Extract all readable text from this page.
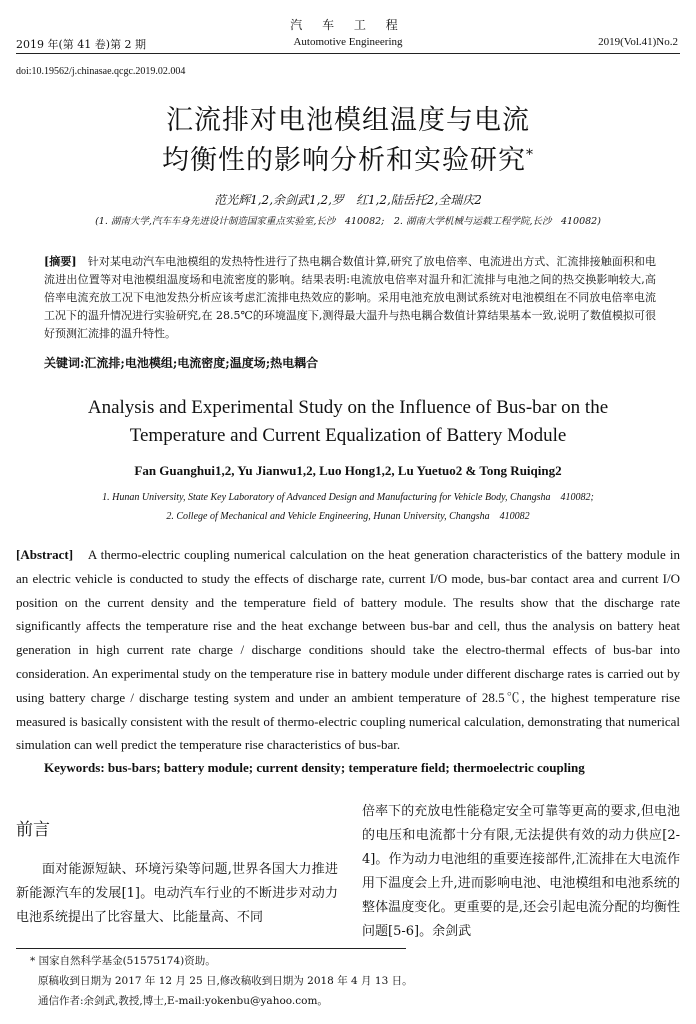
汽 车 工 程
2019 年(第 41 卷)第 2 期	Automotive Engineering	2019(Vol.41)No.2
doi:10.19562/j.chinasae.qcgc.2019.02.004
汇流排对电池模组温度与电流
均衡性的影响分析和实验研究*
范光辉1,2,余剑武1,2,罗　红1,2,陆岳托2,全瑞庆2
(1. 湖南大学,汽车车身先进设计制造国家重点实验室,长沙　410082;　2. 湖南大学机械与运载工程学院,长沙　410082)
[摘要]　 针对某电动汽车电池模组的发热特性进行了热电耦合数值计算,研究了放电倍率、电流进出方式、汇流排接触面积和电流进出位置等对电池模组温度场和电流密度的影响。结果表明:电流放电倍率对温升和汇流排与电池之间的热交换影响较大,高倍率电流充放工况下电池发热分析应该考虑汇流排电热效应的影响。采用电池充放电测试系统对电池模组在不同放电倍率电流工况下的温升情况进行实验研究,在 28.5℃的环境温度下,测得最大温升与热电耦合数值计算结果基本一致,说明了数值模拟可很好预测汇流排的温升特性。
关键词:汇流排;电池模组;电流密度;温度场;热电耦合
Analysis and Experimental Study on the Influence of Bus-bar on the
Temperature and Current Equalization of Battery Module
Fan Guanghui1,2, Yu Jianwu1,2, Luo Hong1,2, Lu Yuetuo2 & Tong Ruiqing2
1. Hunan University, State Key Laboratory of Advanced Design and Manufacturing for Vehicle Body, Changsha　410082;
2. College of Mechanical and Vehicle Engineering, Hunan University, Changsha　410082
[Abstract]　 A thermo-electric coupling numerical calculation on the heat generation characteristics of the battery module in an electric vehicle is conducted to study the effects of discharge rate, current I/O mode, bus-bar contact area and current I/O position on the current density and the temperature field of battery module. The results show that the discharge rate significantly affects the temperature rise and the heat exchange between bus-bar and cell, thus the analysis on battery heat generation in high current rate charge / discharge conditions should take the electro-thermal effects of bus-bar into consideration. An experimental study on the temperature rise in battery module under different discharge rates is carried out by using battery charge / discharge testing system and under an ambient temperature of 28.5℃, the highest temperature rise measured is basically consistent with the result of thermo-electric coupling numerical calculation, demonstrating that numerical simulation can well predict the temperature rise characteristics of bus-bar.
Keywords: bus-bars; battery module; current density; temperature field; thermoelectric coupling
前言

面对能源短缺、环境污染等问题,世界各国大力推进新能源汽车的发展[1]。电动汽车行业的不断进步对动力电池系统提出了比容量大、比能量高、不同

倍率下的充放电性能稳定安全可靠等更高的要求,但电池的电压和电流都十分有限,无法提供有效的动力供应[2-4]。作为动力电池组的重要连接部件,汇流排在大电流作用下温度会上升,进而影响电池、电池模组和电池系统的整体温度变化。更重要的是,还会引起电流分配的均衡性问题[5-6]。余剑武

* 国家自然科学基金(51575174)资助。
原稿收到日期为 2017 年 12 月 25 日,修改稿收到日期为 2018 年 4 月 13 日。
通信作者:余剑武,教授,博士,E-mail:yokenbu@yahoo.com。
